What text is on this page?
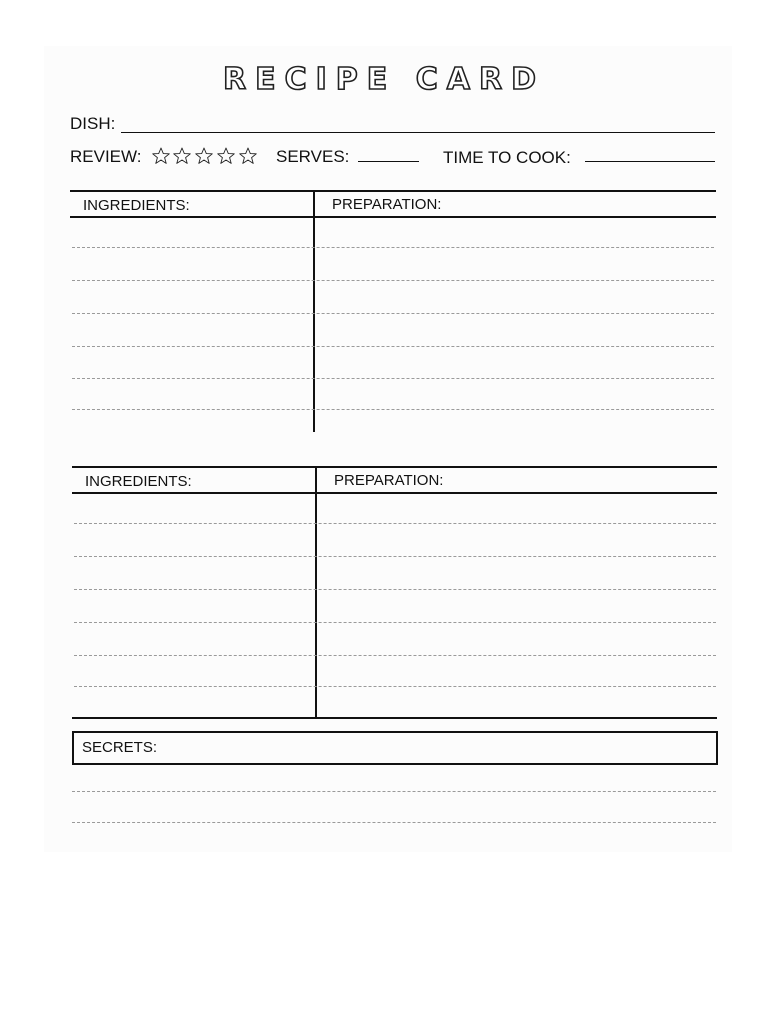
RECIPE CARD
DISH:
REVIEW:	SERVES:	TIME TO COOK:
INGREDIENTS:	PREPARATION:
INGREDIENTS:	PREPARATION:
SECRETS:
